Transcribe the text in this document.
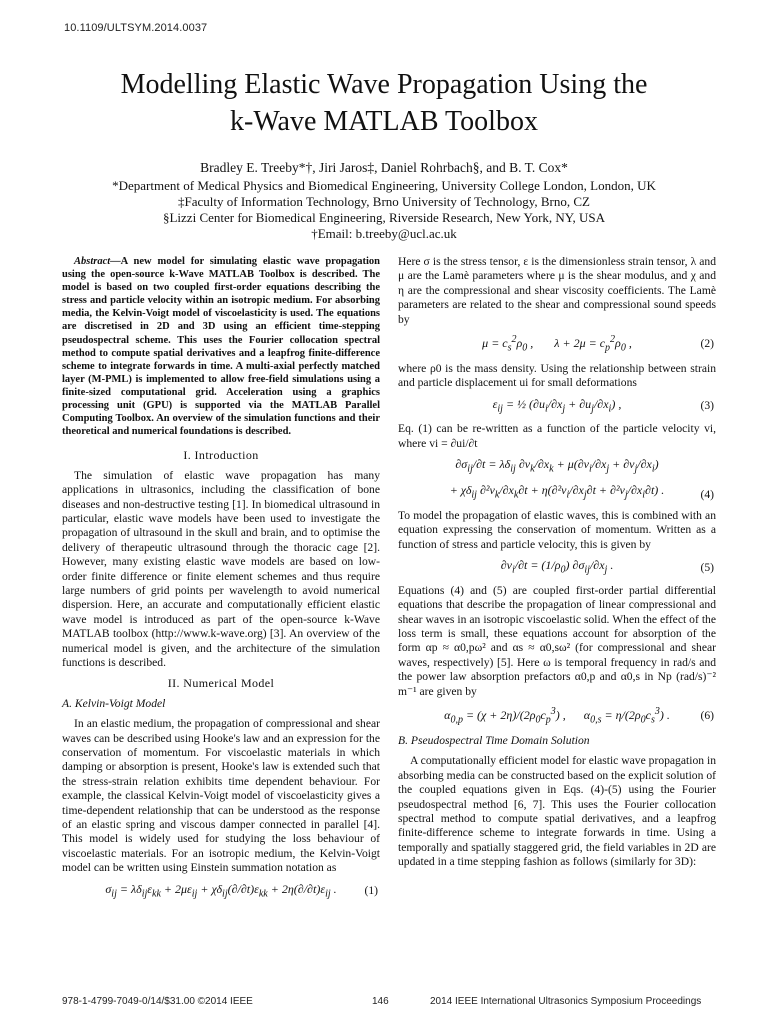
10.1109/ULTSYM.2014.0037
Modelling Elastic Wave Propagation Using the
k-Wave MATLAB Toolbox
Bradley E. Treeby*†, Jiri Jaros‡, Daniel Rohrbach§, and B. T. Cox*
*Department of Medical Physics and Biomedical Engineering, University College London, London, UK
‡Faculty of Information Technology, Brno University of Technology, Brno, CZ
§Lizzi Center for Biomedical Engineering, Riverside Research, New York, NY, USA
†Email: b.treeby@ucl.ac.uk

Abstract—A new model for simulating elastic wave propagation using the open-source k-Wave MATLAB Toolbox is described. The model is based on two coupled first-order equations describing the stress and particle velocity within an isotropic medium. For absorbing media, the Kelvin-Voigt model of viscoelasticity is used. The equations are discretised in 2D and 3D using an efficient time-stepping pseudospectral scheme. This uses the Fourier collocation spectral method to compute spatial derivatives and a leapfrog finite-difference scheme to integrate forwards in time. A multi-axial perfectly matched layer (M-PML) is implemented to allow free-field simulations using a finite-sized computational grid. Acceleration using a graphics processing unit (GPU) is supported via the MATLAB Parallel Computing Toolbox. An overview of the simulation functions and their theoretical and numerical foundations is described.

I. Introduction

The simulation of elastic wave propagation has many applications in ultrasonics, including the classification of bone diseases and non-destructive testing [1]. In biomedical ultrasound in particular, elastic wave models have been used to investigate the propagation of ultrasound in the skull and brain, and to optimise the delivery of therapeutic ultrasound through the thoracic cage [2]. However, many existing elastic wave models are based on low-order finite difference or finite element schemes and thus require large numbers of grid points per wavelength to avoid numerical dispersion. Here, an accurate and computationally efficient elastic wave model is introduced as part of the open-source k-Wave MATLAB toolbox (http://www.k-wave.org) [3]. An overview of the numerical model is given, and the architecture of the simulation functions is described.

II. Numerical Model
A. Kelvin-Voigt Model

In an elastic medium, the propagation of compressional and shear waves can be described using Hooke's law and an expression for the conservation of momentum. For viscoelastic materials in which damping or absorption is present, Hooke's law is extended such that the stress-strain relation exhibits time dependent behaviour. For example, the classical Kelvin-Voigt model of viscoelasticity gives a time-dependent relationship that can be understood as the response of an elastic spring and viscous damper connected in parallel [4]. This model is widely used for studying the loss behaviour of viscoelastic materials. For an isotropic medium, the Kelvin-Voigt model can be written using Einstein summation notation as

$\sigma_{ij} = \lambda\delta_{ij}\varepsilon_{kk} + 2\mu\varepsilon_{ij} + \chi\delta_{ij}(\partial/\partial t)\varepsilon_{kk} + 2\eta(\partial/\partial t)\varepsilon_{ij}$ . (1)

Here σ is the stress tensor, ε is the dimensionless strain tensor, λ and μ are the Lamè parameters where μ is the shear modulus, and χ and η are the compressional and shear viscosity coefficients. The Lamè parameters are related to the shear and compressional sound speeds by

$\mu = c_s^2\rho_0$ ,       $\lambda + 2\mu = c_p^2\rho_0$ ,	(2)

where ρ0 is the mass density. Using the relationship between strain and particle displacement ui for small deformations

$\varepsilon_{ij}$ = ½ $(\partial u_i/\partial x_j + \partial u_j/\partial x_i)$ ,	(3)

Eq. (1) can be re-written as a function of the particle velocity vi, where vi = ∂ui/∂t

$\partial\sigma_{ij}/\partial t = \lambda\delta_{ij}$ $\partial v_k/\partial x_k + \mu(\partial v_i/\partial x_j + \partial v_j/\partial x_i)$
+ $\chi\delta_{ij}$ $\partial^2v_k/\partial x_k\partial t + \eta(\partial^2v_i/\partial x_j\partial t + \partial^2v_j/\partial x_i\partial t)$ .	(4)

To model the propagation of elastic waves, this is combined with an equation expressing the conservation of momentum. Written as a function of stress and particle velocity, this is given by

$\partial v_i/\partial t = (1/\rho_0)$ $\partial\sigma_{ij}/\partial x_j$ .	(5)

Equations (4) and (5) are coupled first-order partial differential equations that describe the propagation of linear compressional and shear waves in an isotropic viscoelastic solid. When the effect of the loss term is small, these equations account for absorption of the form αp ≈ α0,pω² and αs ≈ α0,sω² (for compressional and shear waves, respectively) [5]. Here ω is temporal frequency in rad/s and the power law absorption prefactors α0,p and α0,s in Np (rad/s)⁻² m⁻¹ are given by

$\alpha_{0,p} = (\chi + 2\eta)/(2\rho_0c_p^3)$ ,      $\alpha_{0,s} = \eta/(2\rho_0c_s^3)$ .	(6)
B. Pseudospectral Time Domain Solution

A computationally efficient model for elastic wave propagation in absorbing media can be constructed based on the explicit solution of the coupled equations given in Eqs. (4)-(5) using the Fourier pseudospectral method [6, 7]. This uses the Fourier collocation spectral method to compute spatial derivatives, and a leapfrog finite-difference scheme to integrate forwards in time. Using a temporally and spatially staggered grid, the field variables in 2D are updated in a time stepping fashion as follows (similarly for 3D):

978-1-4799-7049-0/14/$31.00 ©2014 IEEE	146	2014 IEEE International Ultrasonics Symposium Proceedings
